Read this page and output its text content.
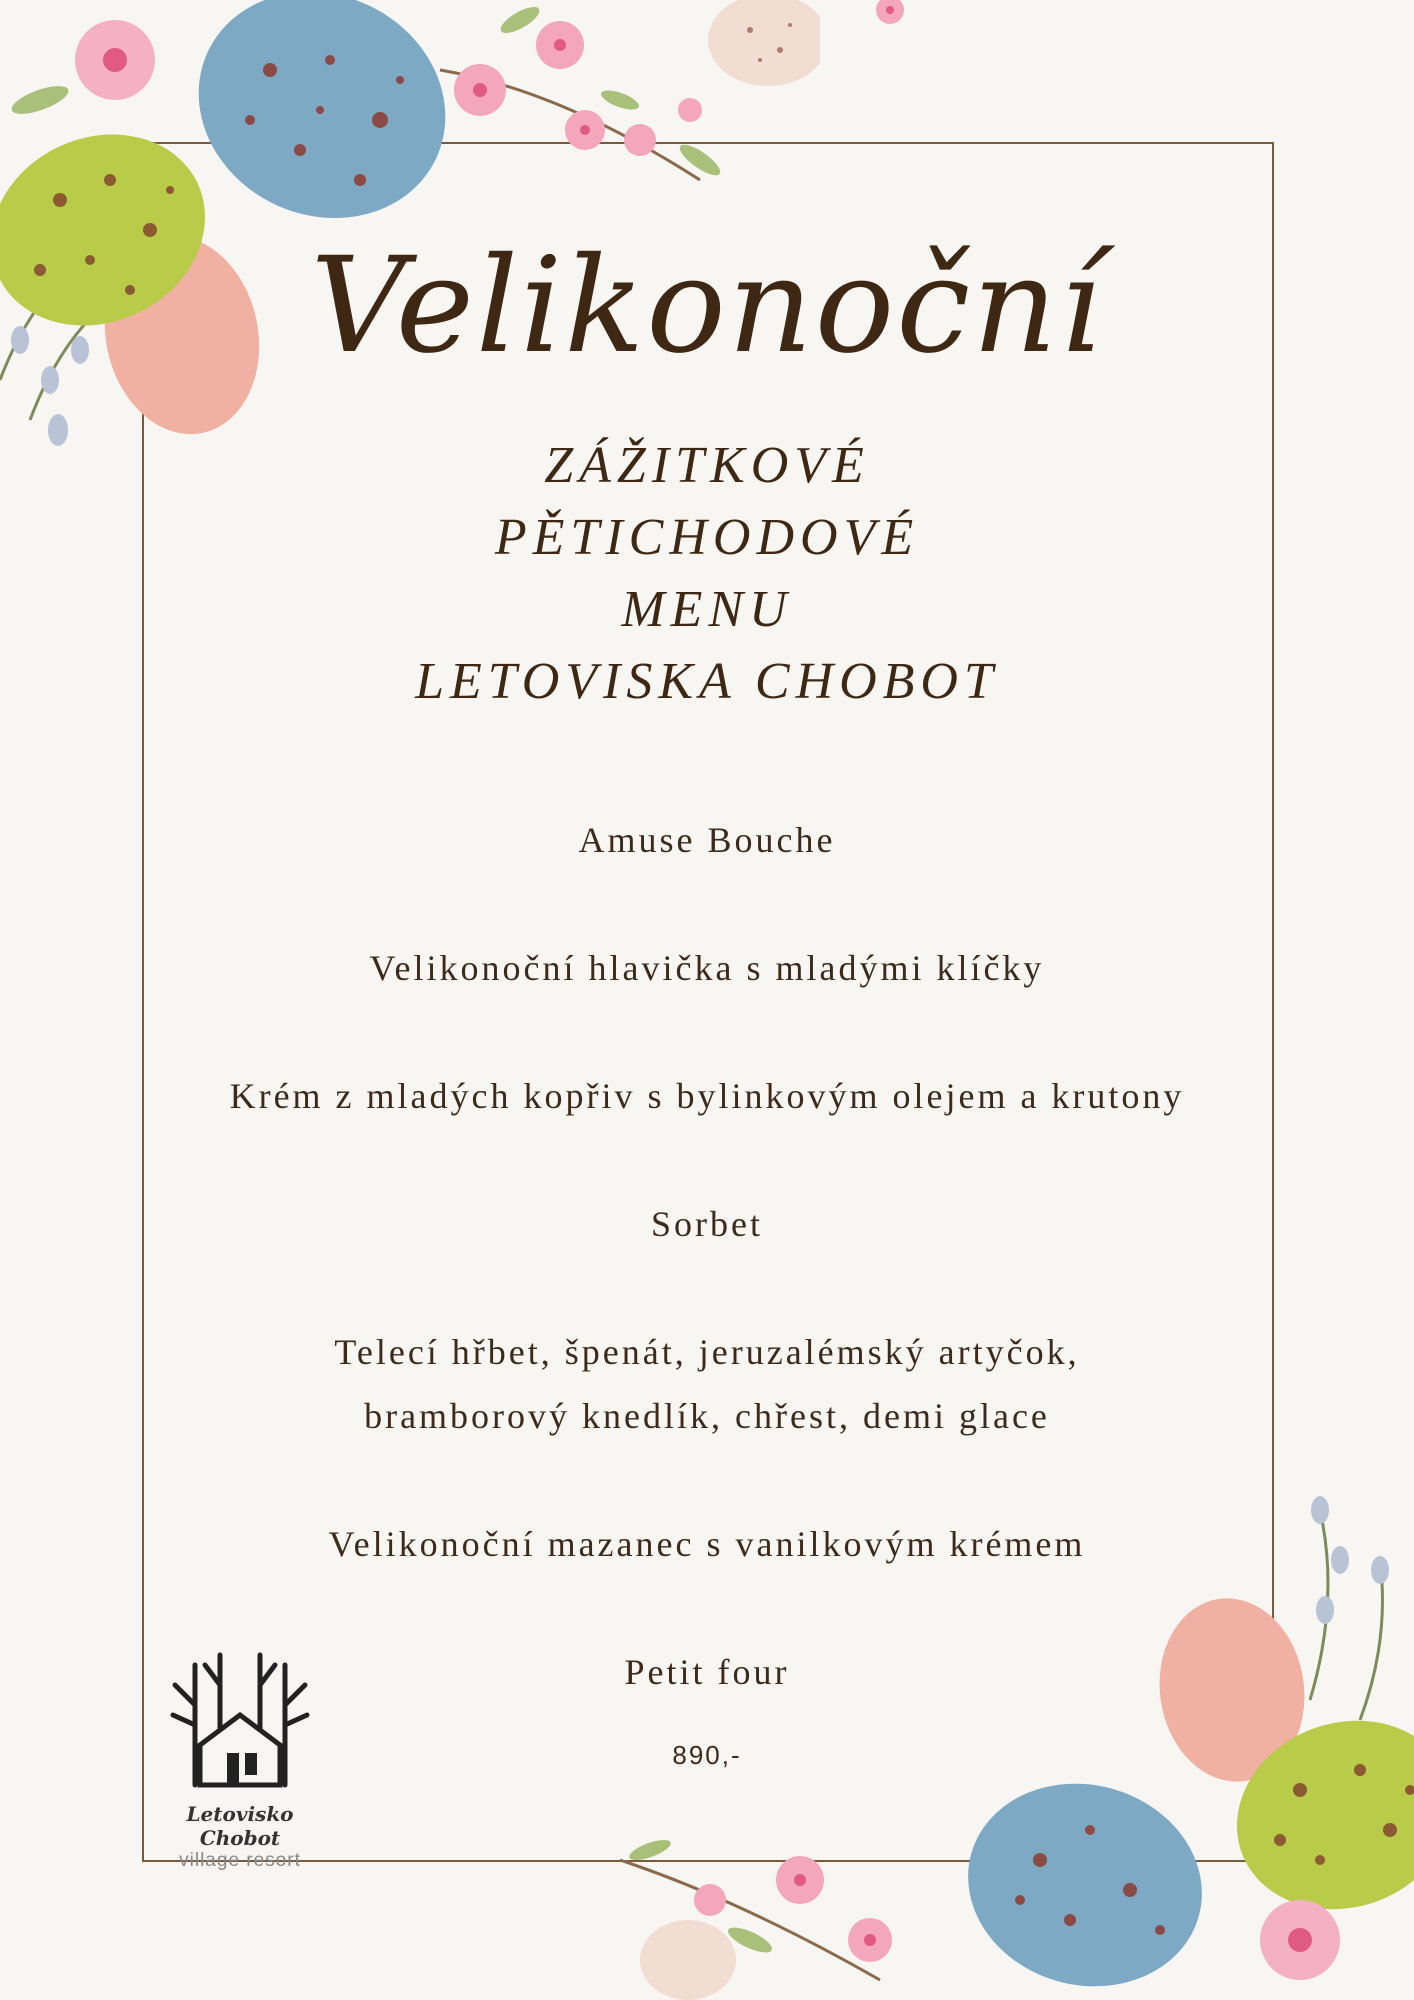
Velikonoční
ZÁŽITKOVÉ
PĚTICHODOVÉ
MENU
LETOVISKA CHOBOT
Amuse Bouche
Velikonoční hlavička s mladými klíčky
Krém z mladých kopřiv s bylinkovým olejem a krutony
Sorbet
Telecí hřbet, špenát, jeruzalémský artyčok,
bramborový knedlík, chřest, demi glace
Velikonoční mazanec s vanilkovým krémem
Petit four
890,-
Letovisko Chobot
village resort
